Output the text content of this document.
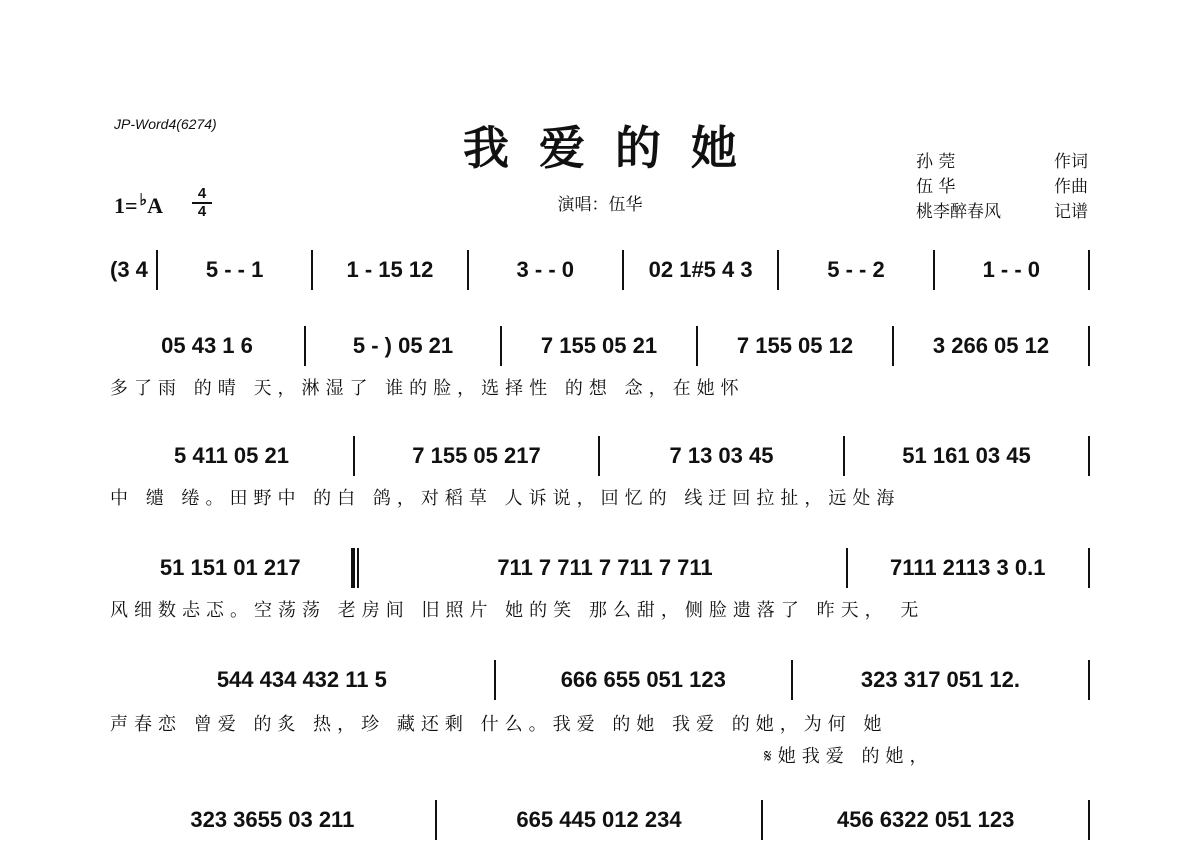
JP-Word4(6274)	我爱的她
1= ♭A	4
4	演唱：伍华
孙 莞	作词
伍 华	作曲
桃李醉春风	记谱
(3 4	5 - - 1	1 - 15 12	3 - - 0	02 1#5 4 3	5 - - 2	1 - - 0
05 43 1 6	5 - ) 05 21	7 155 05 21	7 155 05 12	3 266 05 12
多了雨 的晴 天，淋湿了 谁的脸，选择性 的想 念，在她怀
5 411 05 21	7 155 05 217	7 13 03 45	51 161 03 45
中 缱 绻。田野中 的白 鸽，对稻草 人诉说，回忆的 线迂回拉扯，远处海
51 151 01 217	711 7 711 7 711 7 711	7111 2113 3 0.1
风细数忐忑。空荡荡 老房间 旧照片 她的笑 那么甜，侧脸遗落了 昨天， 无
544 434 432 11 5	666 655 051 123	323 317 051 12.
声春恋 曾爱 的炙 热，珍 藏还剩 什么。我爱 的她 我爱 的她，为何 她
𝄋她我爱 的她，
323 3655 03 211	665 445 012 234	456 6322 051 123
